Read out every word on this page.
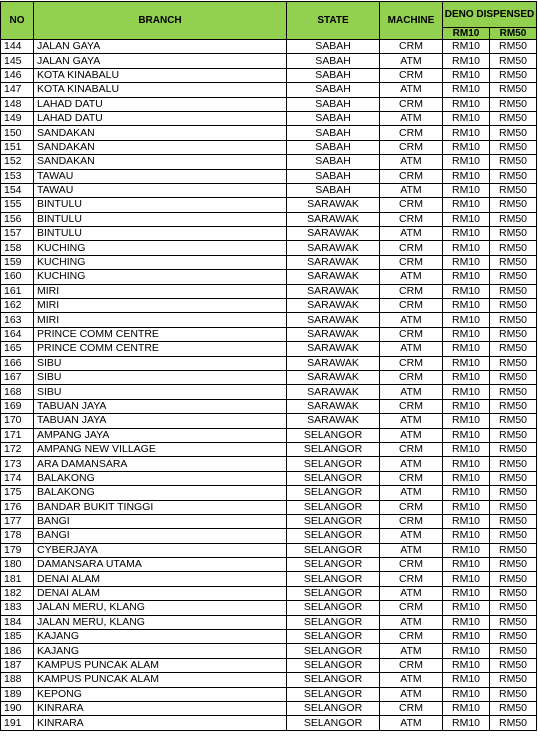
NO	BRANCH	STATE	MACHINE	DENO DISPENSED	
				RM10	RM50
144	JALAN GAYA	SABAH	CRM	RM10	RM50
145	JALAN GAYA	SABAH	ATM	RM10	RM50
146	KOTA KINABALU	SABAH	CRM	RM10	RM50
147	KOTA KINABALU	SABAH	ATM	RM10	RM50
148	LAHAD DATU	SABAH	CRM	RM10	RM50
149	LAHAD DATU	SABAH	ATM	RM10	RM50
150	SANDAKAN	SABAH	CRM	RM10	RM50
151	SANDAKAN	SABAH	CRM	RM10	RM50
152	SANDAKAN	SABAH	ATM	RM10	RM50
153	TAWAU	SABAH	CRM	RM10	RM50
154	TAWAU	SABAH	ATM	RM10	RM50
155	BINTULU	SARAWAK	CRM	RM10	RM50
156	BINTULU	SARAWAK	CRM	RM10	RM50
157	BINTULU	SARAWAK	ATM	RM10	RM50
158	KUCHING	SARAWAK	CRM	RM10	RM50
159	KUCHING	SARAWAK	CRM	RM10	RM50
160	KUCHING	SARAWAK	ATM	RM10	RM50
161	MIRI	SARAWAK	CRM	RM10	RM50
162	MIRI	SARAWAK	CRM	RM10	RM50
163	MIRI	SARAWAK	ATM	RM10	RM50
164	PRINCE COMM CENTRE	SARAWAK	CRM	RM10	RM50
165	PRINCE COMM CENTRE	SARAWAK	ATM	RM10	RM50
166	SIBU	SARAWAK	CRM	RM10	RM50
167	SIBU	SARAWAK	CRM	RM10	RM50
168	SIBU	SARAWAK	ATM	RM10	RM50
169	TABUAN JAYA	SARAWAK	CRM	RM10	RM50
170	TABUAN JAYA	SARAWAK	ATM	RM10	RM50
171	AMPANG JAYA	SELANGOR	ATM	RM10	RM50
172	AMPANG NEW VILLAGE	SELANGOR	CRM	RM10	RM50
173	ARA DAMANSARA	SELANGOR	ATM	RM10	RM50
174	BALAKONG	SELANGOR	CRM	RM10	RM50
175	BALAKONG	SELANGOR	ATM	RM10	RM50
176	BANDAR BUKIT TINGGI	SELANGOR	CRM	RM10	RM50
177	BANGI	SELANGOR	CRM	RM10	RM50
178	BANGI	SELANGOR	ATM	RM10	RM50
179	CYBERJAYA	SELANGOR	ATM	RM10	RM50
180	DAMANSARA UTAMA	SELANGOR	CRM	RM10	RM50
181	DENAI ALAM	SELANGOR	CRM	RM10	RM50
182	DENAI ALAM	SELANGOR	ATM	RM10	RM50
183	JALAN MERU, KLANG	SELANGOR	CRM	RM10	RM50
184	JALAN MERU, KLANG	SELANGOR	ATM	RM10	RM50
185	KAJANG	SELANGOR	CRM	RM10	RM50
186	KAJANG	SELANGOR	ATM	RM10	RM50
187	KAMPUS PUNCAK ALAM	SELANGOR	CRM	RM10	RM50
188	KAMPUS PUNCAK ALAM	SELANGOR	ATM	RM10	RM50
189	KEPONG	SELANGOR	ATM	RM10	RM50
190	KINRARA	SELANGOR	CRM	RM10	RM50
191	KINRARA	SELANGOR	ATM	RM10	RM50
